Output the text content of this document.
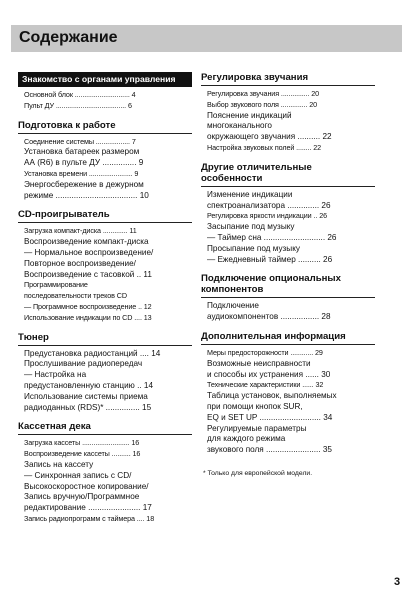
Содержание
Знакомство с органами управления
Основной блок ............................. 4
Пульт ДУ ..................................... 6
Подготовка к работе
Соединение системы .................. 7
Установка батареек размером
АА (R6) в пульте ДУ ............... 9
Установка времени ....................... 9
Энергосбережение в дежурном
режиме .................................... 10
CD-проигрыватель
Загрузка компакт-диска ............. 11
Воспроизведение компакт-диска
— Нормальное воспроизведение/
Повторное воспроизведение/
Воспроизведение с тасовкой .. 11
Программирование
последовательности треков CD
— Программное воспроизведение .. 12
Использование индикации по CD .... 13
Тюнер
Предустановка радиостанций .... 14
Прослушивание радиопередач
— Настройка на
предустановленную станцию .. 14
Использование системы приема
радиоданных (RDS)* ............... 15
Кассетная дека
Загрузка кассеты ......................... 16
Воспроизведение кассеты .......... 16
Запись на кассету
— Синхронная запись с CD/
Высокоскоростное копирование/
Запись вручную/Программное
редактирование ....................... 17
Запись радиопрограмм с таймера .... 18
Регулировка звучания
Регулировка звучания ............... 20
Выбор звукового поля .............. 20
Пояснение индикаций
многоканального
окружающего звучания .......... 22
Настройка звуковых полей ........ 22
Другие отличительные особенности
Изменение индикации
спектроанализатора .............. 26
Регулировка яркости индикации .. 26
Засыпание под музыку
— Таймер сна ........................... 26
Просыпание под музыку
— Ежедневный таймер .......... 26
Подключение опциональных компонентов
Подключение
аудиокомпонентов ................. 28
Дополнительная информация
Меры предосторожности ............ 29
Возможные неисправности
и способы их устранения ...... 30
Технические характеристики ...... 32
Таблица установок, выполняемых
при помощи кнопок SUR,
EQ и SET UP ........................... 34
Регулируемые параметры
для каждого режима
звукового поля ........................ 35
* Только для европейской модели.
3
